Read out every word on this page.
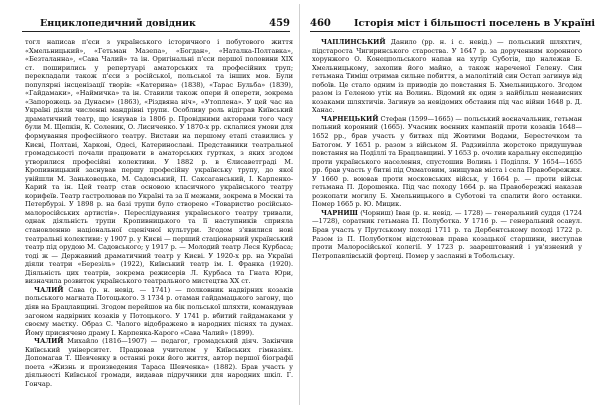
Енциклопедичний довідник	459

тогл написав п'єси з українського історичного і побутового життя «Хмельницький», «Гетьман Мазепа», «Богдан», «Наталка-Полтавка», «Безталанна», «Сава Чалий» та ін. Оригінальні п'єси першої половини XIX ст. поширились у репертуарі аматорських та професійних труп; перекладали також п'єси з російської, польської та інших мов. Були популярні інсценізації творів: «Катерина» (1838), «Тарас Бульба» (1839), «Гайдамаки», «Наймичка» та ін. Ставили також опери й оперети, зокрема «Запорожець за Дунаєм» (1863), «Різдвяна ніч», «Утоплена». У цей час на Україні діяли численні мандрівні трупи. Особливу роль відіграв Київський драматичний театр, що існував із 1806 р. Провідними акторами того часу були М. Щепкін, К. Соленик, О. Лисиченко. У 1870-х рр. склалися умови для формування професійного театру. Вистави на першому етапі ставились у Києві, Полтаві, Харкові, Одесі, Катеринославі. Представники театральної громадськості почали працювати в аматорських гуртках, з яких згодом утворилися професійні колективи. У 1882 р. в Єлисаветграді М. Кропивницький заснував першу професійну українську трупу, до якої увійшли М. Заньковецька, М. Садовський, П. Саксаганський, І. Карпенко-Карий та ін. Цей театр став основою класичного українського театру корифеїв. Театр гастролював по Україні та за її межами, зокрема в Москві та Петербурзі. У 1898 р. на базі трупи було створено «Товариство російсько-малоросійських артистів». Переслідування українського театру тривали, однак діяльність трупи Кропивницького та її наступників сприяла становленню національної сценічної культури. Згодом з'явилися нові театральні колективи: у 1907 р. у Києві — перший стаціонарний український театр під орудою М. Садовського; у 1917 р. — Молодий театр Леся Курбаса; тоді ж — Державний драматичний театр у Києві. У 1920-х рр. на Україні діяли театри «Березіль» (1922), Київський театр ім. І. Франка (1920). Діяльність цих театрів, зокрема режисерів Л. Курбаса та Гната Юри, визначила розвиток українського театрального мистецтва XX ст.

ЧАЛИЙ Сава (р. н. невід. — 1741) — полковник надвірних козаків польського магната Потоцького. З 1734 р. отаман гайдамацького загону, що діяв на Брацлавщині. Згодом перейшов на бік польської шляхти, командував загоном надвірних козаків у Потоцького. У 1741 р. вбитий гайдамаками у своєму маєтку. Образ С. Чалого відображено в народних піснях та думах. Йому присвячено драму І. Карпенка-Карого «Сава Чалий» (1899).

ЧАЛИЙ Михайло (1816—1907) — педагог, громадський діяч. Закінчив Київський університет. Працював учителем у Київських гімназіях. Допомагав Т. Шевченку в останні роки його життя, автор першої біографії поета «Жизнь и произведения Тараса Шевченка» (1882). Брав участь у діяльності Київської громади, видавав підручники для народних шкіл. Г. Гончар.

460 Історія міст і більшості поселень в Україні

ЧАПЛИНСЬКИЙ Данило (рр. н. і с. невід.) — польський шляхтич, підстароста Чигиринського староства. У 1647 р. за дорученням коронного хорунжого О. Конецпольського напав на хутір Суботів, що належав Б. Хмельницькому, захопив його майно, а також нареченої Гелену. Син гетьмана Тиміш отримав сильне побиття, а малолітній син Остап загинув від побоїв. Це стало одним із приводів до повстання Б. Хмельницького. Згодом разом із Геленою утік на Волинь. Відомий як один з найбільш ненависних козаками шляхтичів. Загинув за невідомих обставин під час війни 1648 р. Д. Ханас.

ЧАРНЕЦЬКИЙ Стефан (1599—1665) — польський воєначальник, гетьман польний коронний (1665). Учасник воєнних кампаній проти козаків 1648—1652 рр., брав участь у битвах під Жовтими Водами, Берестечком та Батогом. У 1651 р. разом з військом Я. Радзивілла жорстоко придушував повстання на Поділлі та Брацлавщині. У 1653 р. очолив каральну експедицію проти українського населення, спустошив Волинь і Поділля. У 1654—1655 рр. брав участь у битві під Охматовим, знищував міста і села Правобережжя. У 1660 р. воював проти московських військ, у 1664 р. — проти військ гетьмана П. Дорошенка. Під час походу 1664 р. на Правобережжі наказав розкопати могилу Б. Хмельницького в Суботові та спалити його останки. Помер 1665 р. Ю. Мицик.

ЧАРНИШ (Чорниш) Іван (р. н. невід. — 1728) — генеральний суддя (1724—1728), соратник гетьмана П. Полуботка. У 1716 р. — генеральний осавул. Брав участь у Прутському поході 1711 р. та Дербентському поході 1722 р. Разом із П. Полуботком відстоював права козацької старшини, виступав проти Малоросійської колегії. У 1723 р. заарештований і ув'язнений у Петропавлівській фортеці. Помер у засланні в Тобольську.
